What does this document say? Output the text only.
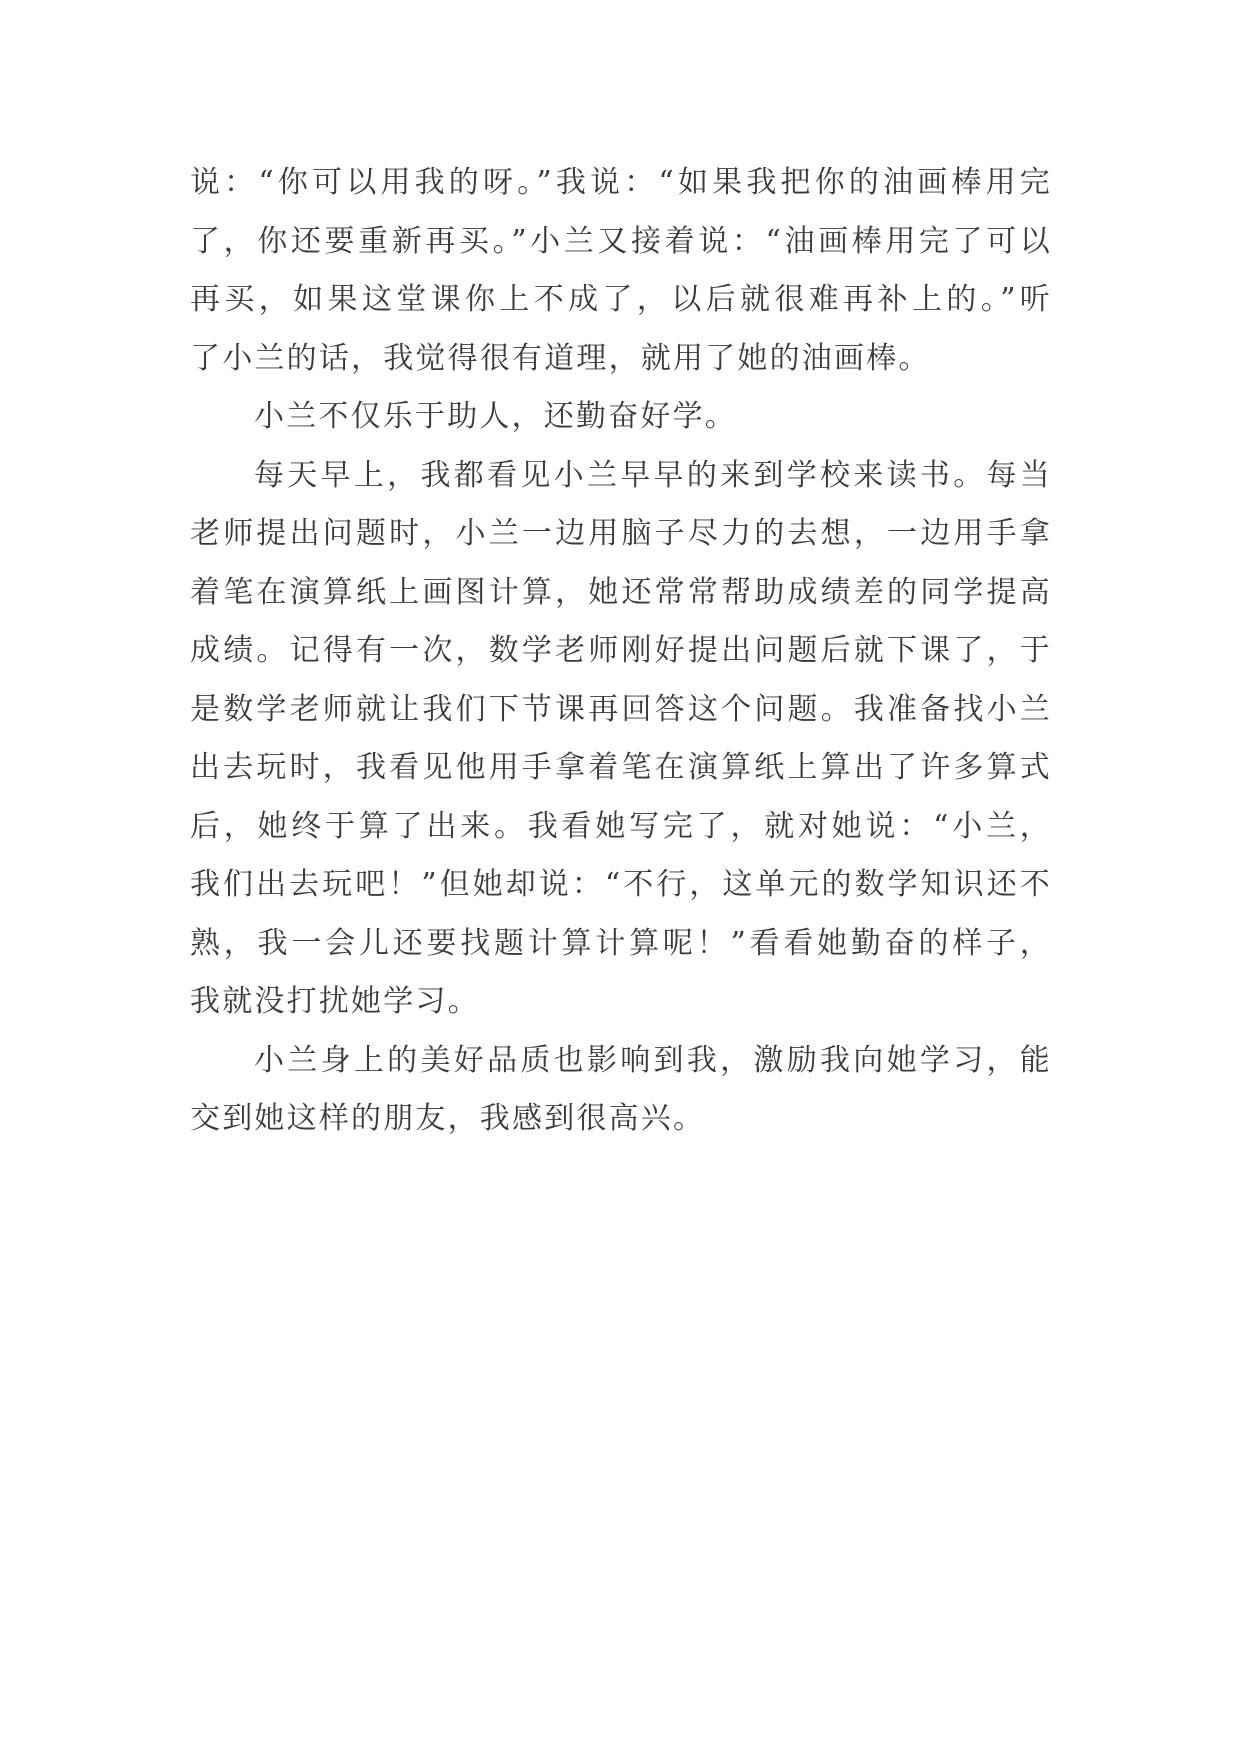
说：“你可以用我的呀。”我说：“如果我把你的油画棒用完
了，你还要重新再买。”小兰又接着说：“油画棒用完了可以
再买，如果这堂课你上不成了，以后就很难再补上的。”听
了小兰的话，我觉得很有道理，就用了她的油画棒。
小兰不仅乐于助人，还勤奋好学。
每天早上，我都看见小兰早早的来到学校来读书。每当
老师提出问题时，小兰一边用脑子尽力的去想，一边用手拿
着笔在演算纸上画图计算，她还常常帮助成绩差的同学提高
成绩。记得有一次，数学老师刚好提出问题后就下课了，于
是数学老师就让我们下节课再回答这个问题。我准备找小兰
出去玩时，我看见他用手拿着笔在演算纸上算出了许多算式
后，她终于算了出来。我看她写完了，就对她说：“小兰，
我们出去玩吧！”但她却说：“不行，这单元的数学知识还不
熟，我一会儿还要找题计算计算呢！”看看她勤奋的样子，
我就没打扰她学习。
小兰身上的美好品质也影响到我，激励我向她学习，能
交到她这样的朋友，我感到很高兴。
